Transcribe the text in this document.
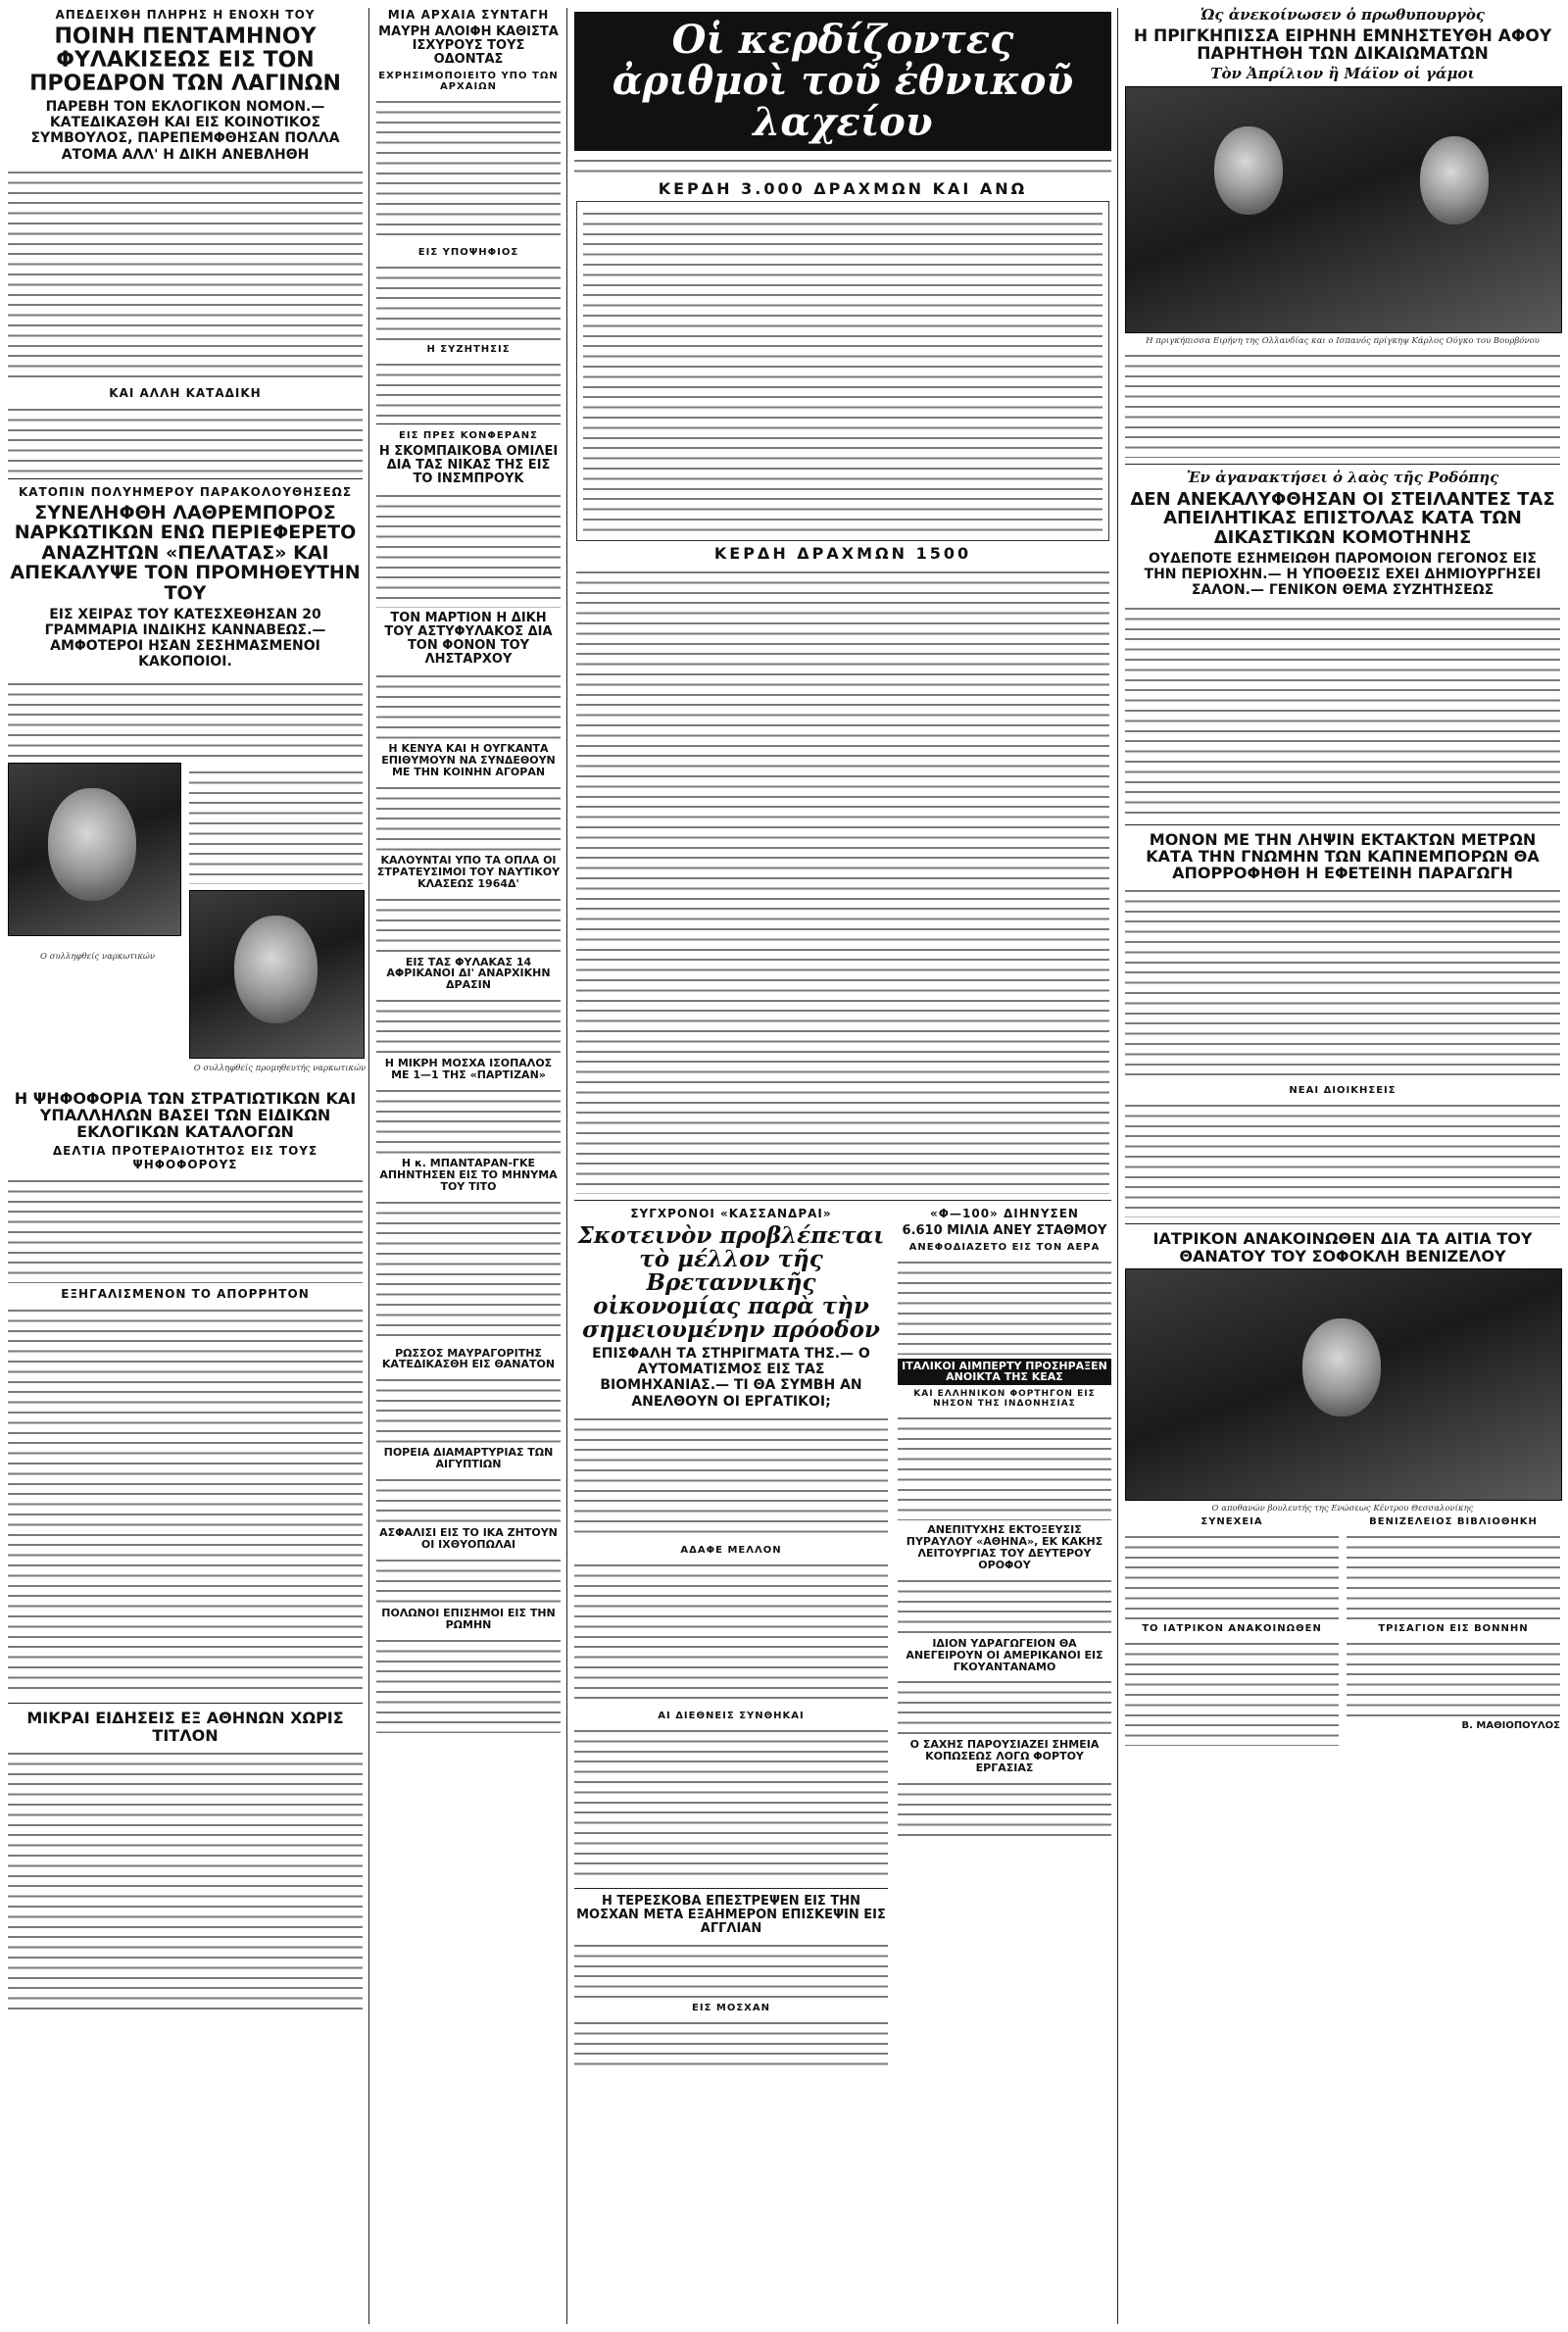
ΑΠΕΔΕΙΧΘΗ ΠΛΗΡΗΣ Η ΕΝΟΧΗ ΤΟΥ
ΠΟΙΝΗ ΠΕΝΤΑΜΗΝΟΥ ΦΥΛΑΚΙΣΕΩΣ ΕΙΣ ΤΟΝ ΠΡΟΕΔΡΟΝ ΤΩΝ ΛΑΓΙΝΩΝ
ΠΑΡΕΒΗ ΤΟΝ ΕΚΛΟΓΙΚΟΝ ΝΟΜΟΝ.— ΚΑΤΕΔΙΚΑΣΘΗ ΚΑΙ ΕΙΣ ΚΟΙΝΟΤΙΚΟΣ ΣΥΜΒΟΥΛΟΣ, ΠΑΡΕΠΕΜΦΘΗΣΑΝ ΠΟΛΛΑ ΑΤΟΜΑ ΑΛΛ' Η ΔΙΚΗ ΑΝΕΒΛΗΘΗ
ΚΑΙ ΑΛΛΗ ΚΑΤΑΔΙΚΗ
ΚΑΤΟΠΙΝ ΠΟΛΥΗΜΕΡΟΥ ΠΑΡΑΚΟΛΟΥΘΗΣΕΩΣ
ΣΥΝΕΛΗΦΘΗ ΛΑΘΡΕΜΠΟΡΟΣ ΝΑΡΚΩΤΙΚΩΝ ΕΝΩ ΠΕΡΙΕΦΕΡΕΤΟ ΑΝΑΖΗΤΩΝ «ΠΕΛΑΤΑΣ» ΚΑΙ ΑΠΕΚΑΛΥΨΕ ΤΟΝ ΠΡΟΜΗΘΕΥΤΗΝ ΤΟΥ
ΕΙΣ ΧΕΙΡΑΣ ΤΟΥ ΚΑΤΕΣΧΕΘΗΣΑΝ 20 ΓΡΑΜΜΑΡΙΑ ΙΝΔΙΚΗΣ ΚΑΝΝΑΒΕΩΣ.— ΑΜΦΟΤΕΡΟΙ ΗΣΑΝ ΣΕΣΗΜΑΣΜΕΝΟΙ ΚΑΚΟΠΟΙΟΙ.
Ο συλληφθείς ναρκωτικών
Ο συλληφθείς προμηθευτής ναρκωτικών
Η ΨΗΦΟΦΟΡΙΑ ΤΩΝ ΣΤΡΑΤΙΩΤΙΚΩΝ ΚΑΙ ΥΠΑΛΛΗΛΩΝ ΒΑΣΕΙ ΤΩΝ ΕΙΔΙΚΩΝ ΕΚΛΟΓΙΚΩΝ ΚΑΤΑΛΟΓΩΝ
ΔΕΛΤΙΑ ΠΡΟΤΕΡΑΙΟΤΗΤΟΣ ΕΙΣ ΤΟΥΣ ΨΗΦΟΦΟΡΟΥΣ
ΕΞΗΓΑΛΙΣΜΕΝΟΝ ΤΟ ΑΠΟΡΡΗΤΟΝ
ΜΙΚΡΑΙ ΕΙΔΗΣΕΙΣ ΕΞ ΑΘΗΝΩΝ ΧΩΡΙΣ ΤΙΤΛΟΝ
ΜΙΑ ΑΡΧΑΙΑ ΣΥΝΤΑΓΗ
ΜΑΥΡΗ ΑΛΟΙΦΗ ΚΑΘΙΣΤΑ ΙΣΧΥΡΟΥΣ ΤΟΥΣ ΟΔΟΝΤΑΣ
ΕΧΡΗΣΙΜΟΠΟΙΕΙΤΟ ΥΠΟ ΤΩΝ ΑΡΧΑΙΩΝ
ΕΙΣ ΥΠΟΨΗΦΙΟΣ
Η ΣΥΖΗΤΗΣΙΣ
ΕΙΣ ΠΡΕΣ ΚΟΝΦΕΡΑΝΣ
Η ΣΚΟΜΠΑΙΚΟΒΑ ΟΜΙΛΕΙ ΔΙΑ ΤΑΣ ΝΙΚΑΣ ΤΗΣ ΕΙΣ ΤΟ ΙΝΣΜΠΡΟΥΚ
ΤΟΝ ΜΑΡΤΙΟΝ Η ΔΙΚΗ ΤΟΥ ΑΣΤΥΦΥΛΑΚΟΣ ΔΙΑ ΤΟΝ ΦΟΝΟΝ ΤΟΥ ΛΗΣΤΑΡΧΟΥ
Η ΚΕΝΥΑ ΚΑΙ Η ΟΥΓΚΑΝΤΑ ΕΠΙΘΥΜΟΥΝ ΝΑ ΣΥΝΔΕΘΟΥΝ ΜΕ ΤΗΝ ΚΟΙΝΗΝ ΑΓΟΡΑΝ
ΚΑΛΟΥΝΤΑΙ ΥΠΟ ΤΑ ΟΠΛΑ ΟΙ ΣΤΡΑΤΕΥΣΙΜΟΙ ΤΟΥ ΝΑΥΤΙΚΟΥ ΚΛΑΣΕΩΣ 1964Δ'
ΕΙΣ ΤΑΣ ΦΥΛΑΚΑΣ 14 ΑΦΡΙΚΑΝΟΙ ΔΙ' ΑΝΑΡΧΙΚΗΝ ΔΡΑΣΙΝ
Η ΜΙΚΡΗ ΜΟΣΧΑ ΙΣΟΠΑΛΟΣ ΜΕ 1—1 ΤΗΣ «ΠΑΡΤΙΖΑΝ»
Η κ. ΜΠΑΝΤΑΡΑΝ-ΓΚΕ ΑΠΗΝΤΗΣΕΝ ΕΙΣ ΤΟ ΜΗΝΥΜΑ ΤΟΥ ΤΙΤΟ
ΡΩΣΣΟΣ ΜΑΥΡΑΓΟΡΙΤΗΣ ΚΑΤΕΔΙΚΑΣΘΗ ΕΙΣ ΘΑΝΑΤΟΝ
ΠΟΡΕΙΑ ΔΙΑΜΑΡΤΥΡΙΑΣ ΤΩΝ ΑΙΓΥΠΤΙΩΝ
ΑΣΦΑΛΙΣΙ ΕΙΣ ΤΟ ΙΚΑ ΖΗΤΟΥΝ ΟΙ ΙΧΘΥΟΠΩΛΑΙ
ΠΟΛΩΝΟΙ ΕΠΙΣΗΜΟΙ ΕΙΣ ΤΗΝ ΡΩΜΗΝ
Οἱ κερδίζοντες ἀριθμοὶ τοῦ ἐθνικοῦ λαχείου
ΚΕΡΔΗ 3.000 ΔΡΑΧΜΩΝ ΚΑΙ ΑΝΩ
ΚΕΡΔΗ ΔΡΑΧΜΩΝ 1500
ΣΥΓΧΡΟΝΟΙ «ΚΑΣΣΑΝΔΡΑΙ»
Σκοτεινὸν προβλέπεται τὸ μέλλον τῆς Βρεταννικῆς οἰκονομίας παρὰ τὴν σημειουμένην πρόοδον
ΕΠΙΣΦΑΛΗ ΤΑ ΣΤΗΡΙΓΜΑΤΑ ΤΗΣ.— Ο ΑΥΤΟΜΑΤΙΣΜΟΣ ΕΙΣ ΤΑΣ ΒΙΟΜΗΧΑΝΙΑΣ.— ΤΙ ΘΑ ΣΥΜΒΗ ΑΝ ΑΝΕΛΘΟΥΝ ΟΙ ΕΡΓΑΤΙΚΟΙ;
ΑΔΑΦΕ ΜΕΛΛΟΝ
ΑΙ ΔΙΕΘΝΕΙΣ ΣΥΝΘΗΚΑΙ
Η ΤΕΡΕΣΚΟΒΑ ΕΠΕΣΤΡΕΨΕΝ ΕΙΣ ΤΗΝ ΜΟΣΧΑΝ ΜΕΤΑ ΕΞΑΗΜΕΡΟΝ ΕΠΙΣΚΕΨΙΝ ΕΙΣ ΑΓΓΛΙΑΝ
ΕΙΣ ΜΟΣΧΑΝ
«Φ—100» ΔΙΗΝΥΣΕΝ
6.610 ΜΙΛΙΑ ΑΝΕΥ ΣΤΑΘΜΟΥ
ΑΝΕΦΟΔΙΑΖΕΤΟ ΕΙΣ ΤΟΝ ΑΕΡΑ
ΙΤΑΛΙΚΟΙ ΑΙΜΠΕΡΤΥ ΠΡΟΣΗΡΑΞΕΝ ΑΝΟΙΚΤΑ ΤΗΣ ΚΕΑΣ
ΚΑΙ ΕΛΛΗΝΙΚΟΝ ΦΟΡΤΗΓΟΝ ΕΙΣ ΝΗΣΟΝ ΤΗΣ ΙΝΔΟΝΗΣΙΑΣ
ΑΝΕΠΙΤΥΧΗΣ ΕΚΤΟΞΕΥΣΙΣ ΠΥΡΑΥΛΟΥ «ΑΘΗΝΑ», ΕΚ ΚΑΚΗΣ ΛΕΙΤΟΥΡΓΙΑΣ ΤΟΥ ΔΕΥΤΕΡΟΥ ΟΡΟΦΟΥ
ΙΔΙΟΝ ΥΔΡΑΓΩΓΕΙΟΝ ΘΑ ΑΝΕΓΕΙΡΟΥΝ ΟΙ ΑΜΕΡΙΚΑΝΟΙ ΕΙΣ ΓΚΟΥΑΝΤΑΝΑΜΟ
Ο ΣΑΧΗΣ ΠΑΡΟΥΣΙΑΖΕΙ ΣΗΜΕΙΑ ΚΟΠΩΣΕΩΣ ΛΟΓΩ ΦΟΡΤΟΥ ΕΡΓΑΣΙΑΣ
Ὡς ἀνεκοίνωσεν ὁ πρωθυπουργὸς
Η ΠΡΙΓΚΗΠΙΣΣΑ ΕΙΡΗΝΗ ΕΜΝΗΣΤΕΥΘΗ ΑΦΟΥ ΠΑΡΗΤΗΘΗ ΤΩΝ ΔΙΚΑΙΩΜΑΤΩΝ
Τὸν Ἀπρίλιον ἢ Μάϊον οἱ γάμοι
Η πριγκήπισσα Ειρήνη της Ολλανδίας και ο Ισπανός πρίγκηψ Κάρλος Ούγκο του Βουρβόνου
Ἐν ἀγανακτήσει ὁ λαὸς τῆς Ροδόπης
ΔΕΝ ΑΝΕΚΑΛΥΦΘΗΣΑΝ ΟΙ ΣΤΕΙΛΑΝΤΕΣ ΤΑΣ ΑΠΕΙΛΗΤΙΚΑΣ ΕΠΙΣΤΟΛΑΣ ΚΑΤΑ ΤΩΝ ΔΙΚΑΣΤΙΚΩΝ ΚΟΜΟΤΗΝΗΣ
ΟΥΔΕΠΟΤΕ ΕΣΗΜΕΙΩΘΗ ΠΑΡΟΜΟΙΟΝ ΓΕΓΟΝΟΣ ΕΙΣ ΤΗΝ ΠΕΡΙΟΧΗΝ.— Η ΥΠΟΘΕΣΙΣ ΕΧΕΙ ΔΗΜΙΟΥΡΓΗΣΕΙ ΣΑΛΟΝ.— ΓΕΝΙΚΟΝ ΘΕΜΑ ΣΥΖΗΤΗΣΕΩΣ
ΜΟΝΟΝ ΜΕ ΤΗΝ ΛΗΨΙΝ ΕΚΤΑΚΤΩΝ ΜΕΤΡΩΝ ΚΑΤΑ ΤΗΝ ΓΝΩΜΗΝ ΤΩΝ ΚΑΠΝΕΜΠΟΡΩΝ ΘΑ ΑΠΟΡΡΟΦΗΘΗ Η ΕΦΕΤΕΙΝΗ ΠΑΡΑΓΩΓΗ
ΝΕΑΙ ΔΙΟΙΚΗΣΕΙΣ
ΙΑΤΡΙΚΟΝ ΑΝΑΚΟΙΝΩΘΕΝ ΔΙΑ ΤΑ ΑΙΤΙΑ ΤΟΥ ΘΑΝΑΤΟΥ ΤΟΥ ΣΟΦΟΚΛΗ ΒΕΝΙΖΕΛΟΥ
Ο αποθανών βουλευτής της Ενώσεως Κέντρου Θεσσαλονίκης
ΣΥΝΕΧΕΙΑ
ΤΟ ΙΑΤΡΙΚΟΝ ΑΝΑΚΟΙΝΩΘΕΝ
ΒΕΝΙΖΕΛΕΙΟΣ ΒΙΒΛΙΟΘΗΚΗ
ΤΡΙΣΑΓΙΟΝ ΕΙΣ ΒΟΝΝΗΝ
Β. ΜΑΘΙΟΠΟΥΛΟΣ
